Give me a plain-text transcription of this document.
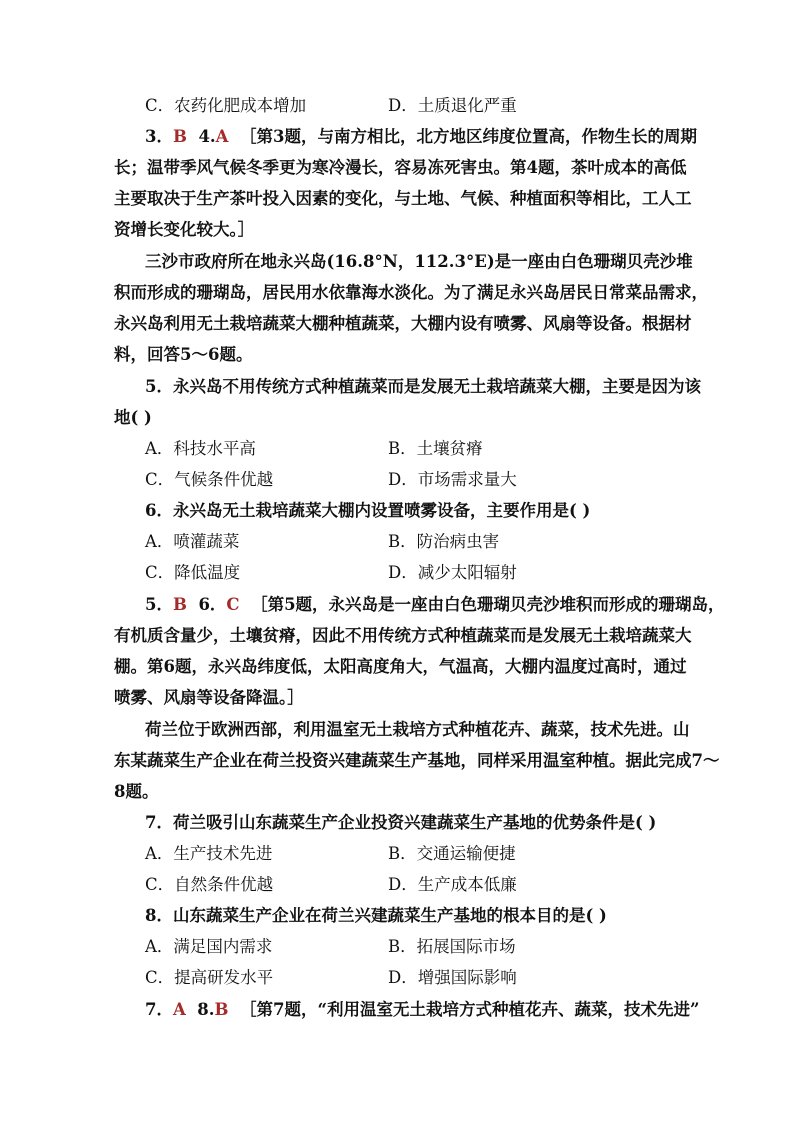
C．农药化肥成本增加	D．土质退化严重
3．B 4.A ［第3题，与南方相比，北方地区纬度位置高，作物生长的周期
长；温带季风气候冬季更为寒冷漫长，容易冻死害虫。第4题，茶叶成本的高低
主要取决于生产茶叶投入因素的变化，与土地、气候、种植面积等相比，工人工
资增长变化较大。］
三沙市政府所在地永兴岛(16.8°N，112.3°E)是一座由白色珊瑚贝壳沙堆
积而形成的珊瑚岛，居民用水依靠海水淡化。为了满足永兴岛居民日常菜品需求，
永兴岛利用无土栽培蔬菜大棚种植蔬菜，大棚内设有喷雾、风扇等设备。根据材
料，回答5～6题。
5．永兴岛不用传统方式种植蔬菜而是发展无土栽培蔬菜大棚，主要是因为该
地( )
A．科技水平高	B．土壤贫瘠
C．气候条件优越	D．市场需求量大
6．永兴岛无土栽培蔬菜大棚内设置喷雾设备，主要作用是( )
A．喷灌蔬菜	B．防治病虫害
C．降低温度	D．减少太阳辐射
5．B 6．C ［第5题，永兴岛是一座由白色珊瑚贝壳沙堆积而形成的珊瑚岛，
有机质含量少，土壤贫瘠，因此不用传统方式种植蔬菜而是发展无土栽培蔬菜大
棚。第6题，永兴岛纬度低，太阳高度角大，气温高，大棚内温度过高时，通过
喷雾、风扇等设备降温。］
荷兰位于欧洲西部，利用温室无土栽培方式种植花卉、蔬菜，技术先进。山
东某蔬菜生产企业在荷兰投资兴建蔬菜生产基地，同样采用温室种植。据此完成7～
8题。
7．荷兰吸引山东蔬菜生产企业投资兴建蔬菜生产基地的优势条件是( )
A．生产技术先进	B．交通运输便捷
C．自然条件优越	D．生产成本低廉
8．山东蔬菜生产企业在荷兰兴建蔬菜生产基地的根本目的是( )
A．满足国内需求	B．拓展国际市场
C．提高研发水平	D．增强国际影响
7．A 8.B ［第7题，“利用温室无土栽培方式种植花卉、蔬菜，技术先进”
